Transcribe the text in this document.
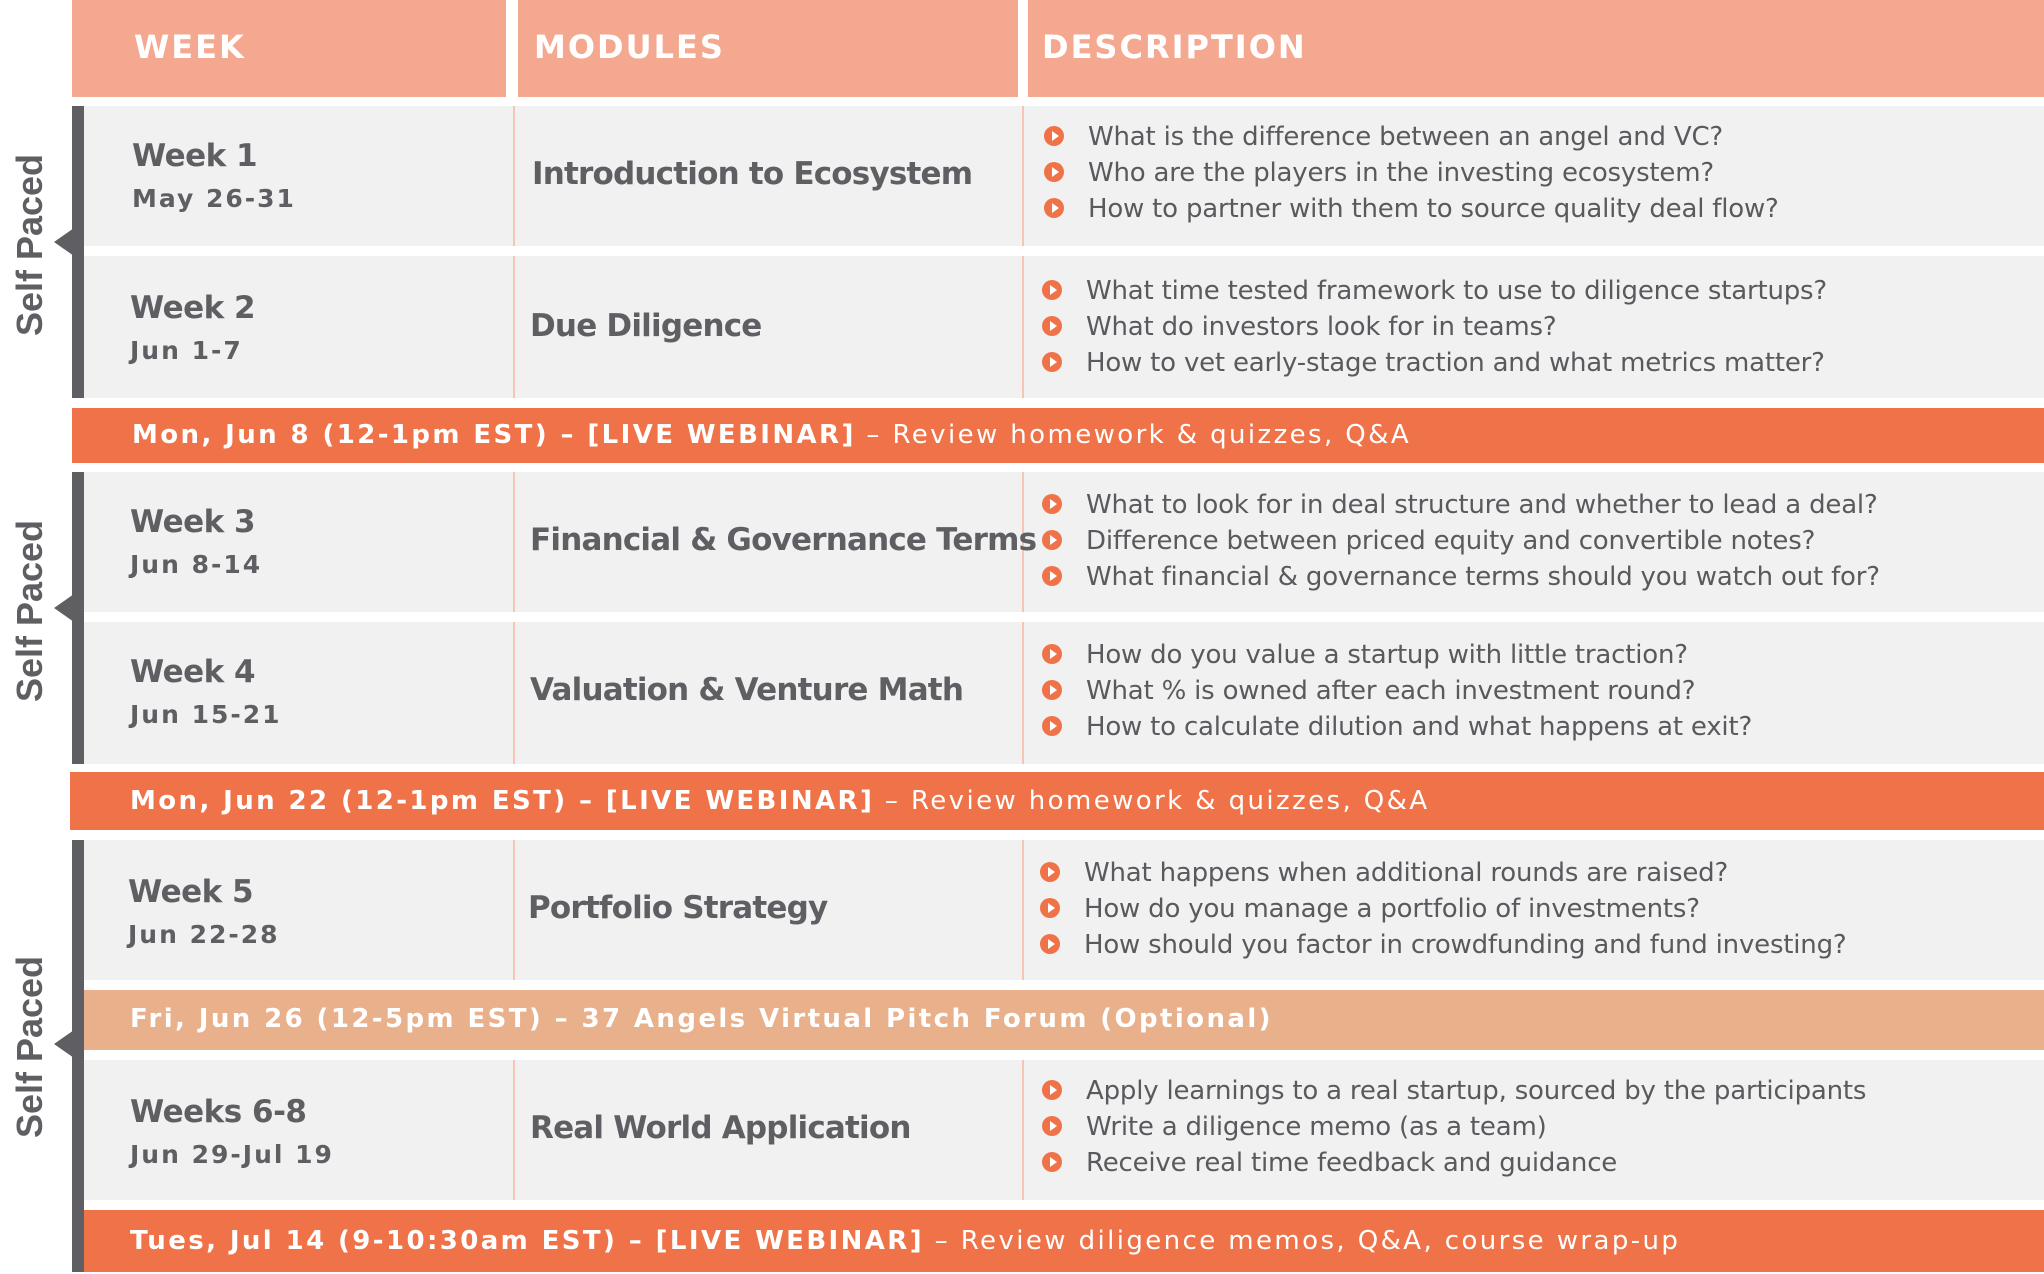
WEEK	MODULES	DESCRIPTION
Week 1
May 26-31
Introduction to Ecosystem
What is the difference between an angel and VC?
Who are the players in the investing ecosystem?
How to partner with them to source quality deal flow?
Week 2
Jun 1-7
Due Diligence
What time tested framework to use to diligence startups?
What do investors look for in teams?
How to vet early-stage traction and what metrics matter?
Mon, Jun 8 (12-1pm EST) – [LIVE WEBINAR] – Review homework & quizzes, Q&A
Week 3
Jun 8-14
Financial & Governance Terms
What to look for in deal structure and whether to lead a deal?
Difference between priced equity and convertible notes?
What financial & governance terms should you watch out for?
Week 4
Jun 15-21
Valuation & Venture Math
How do you value a startup with little traction?
What % is owned after each investment round?
How to calculate dilution and what happens at exit?
Mon, Jun 22 (12-1pm EST) – [LIVE WEBINAR] – Review homework & quizzes, Q&A
Week 5
Jun 22-28
Portfolio Strategy
What happens when additional rounds are raised?
How do you manage a portfolio of investments?
How should you factor in crowdfunding and fund investing?
Fri, Jun 26 (12-5pm EST) – 37 Angels Virtual Pitch Forum (Optional)
Weeks 6-8
Jun 29-Jul 19
Real World Application
Apply learnings to a real startup, sourced by the participants
Write a diligence memo (as a team)
Receive real time feedback and guidance
Tues, Jul 14 (9-10:30am EST) – [LIVE WEBINAR] – Review diligence memos, Q&A, course wrap-up
Self Paced
Self Paced
Self Paced
